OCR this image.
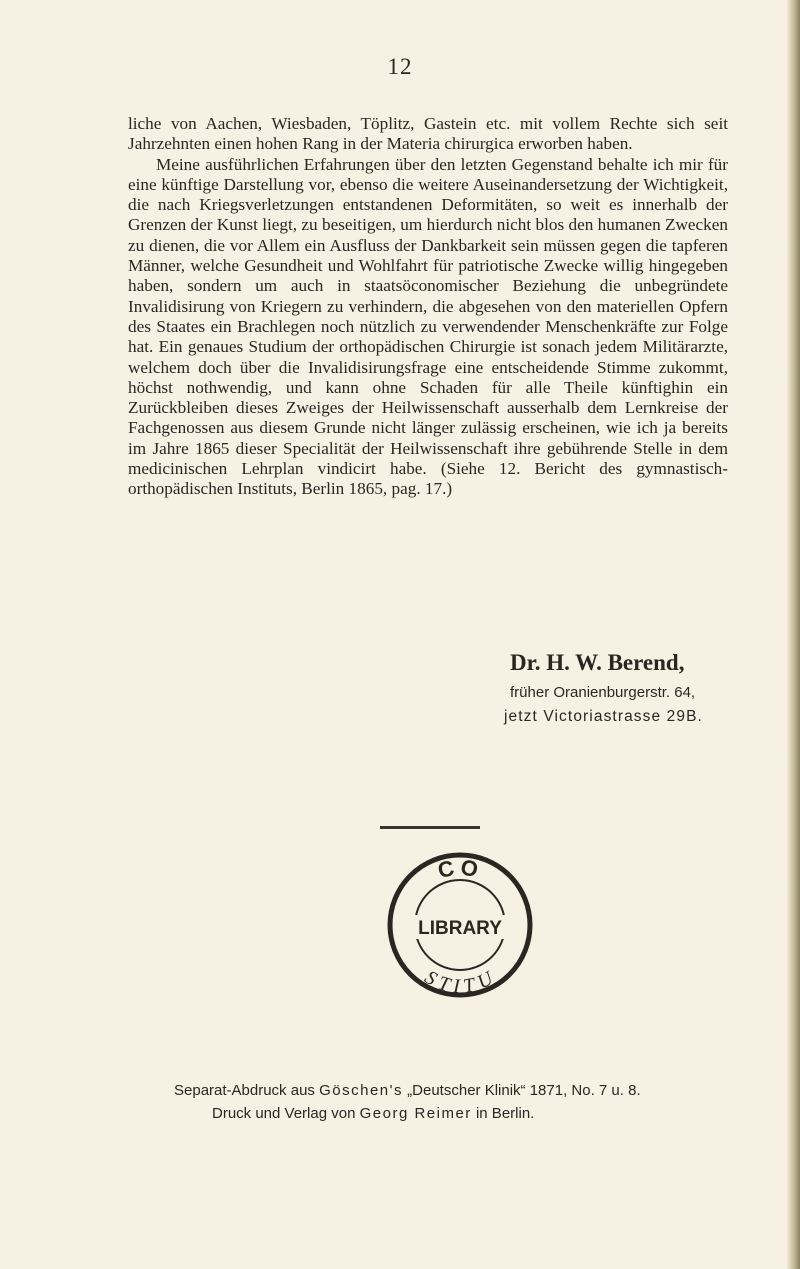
12

liche von Aachen, Wiesbaden, Töplitz, Gastein etc. mit vollem Rechte sich seit Jahrzehnten einen hohen Rang in der Materia chirurgica erworben haben.

Meine ausführlichen Erfahrungen über den letzten Gegenstand behalte ich mir für eine künftige Darstellung vor, ebenso die weitere Auseinandersetzung der Wichtigkeit, die nach Kriegsverletzungen entstandenen Deformitäten, so weit es innerhalb der Grenzen der Kunst liegt, zu beseitigen, um hierdurch nicht blos den humanen Zwecken zu dienen, die vor Allem ein Ausfluss der Dankbarkeit sein müssen gegen die tapferen Männer, welche Gesundheit und Wohlfahrt für patriotische Zwecke willig hingegeben haben, sondern um auch in staatsöconomischer Beziehung die unbegründete Invalidisirung von Kriegern zu verhindern, die abgesehen von den materiellen Opfern des Staates ein Brachlegen noch nützlich zu verwendender Menschenkräfte zur Folge hat. Ein genaues Studium der orthopädischen Chirurgie ist sonach jedem Militärarzte, welchem doch über die Invalidisirungsfrage eine entscheidende Stimme zukommt, höchst nothwendig, und kann ohne Schaden für alle Theile künftighin ein Zurückbleiben dieses Zweiges der Heilwissenschaft ausserhalb dem Lernkreise der Fachgenossen aus diesem Grunde nicht länger zulässig erscheinen, wie ich ja bereits im Jahre 1865 dieser Specialität der Heilwissenschaft ihre gebührende Stelle in dem medicinischen Lehrplan vindicirt habe. (Siehe 12. Bericht des gymnastisch-orthopädischen Instituts, Berlin 1865, pag. 17.)

Dr. H. W. Berend,
früher Oranienburgerstr. 64,
jetzt Victoriastrasse 29B.
CO
LIBRARY
STITU
Separat-Abdruck aus Göschen's „Deutscher Klinik“ 1871, No. 7 u. 8.
Druck und Verlag von Georg Reimer in Berlin.
